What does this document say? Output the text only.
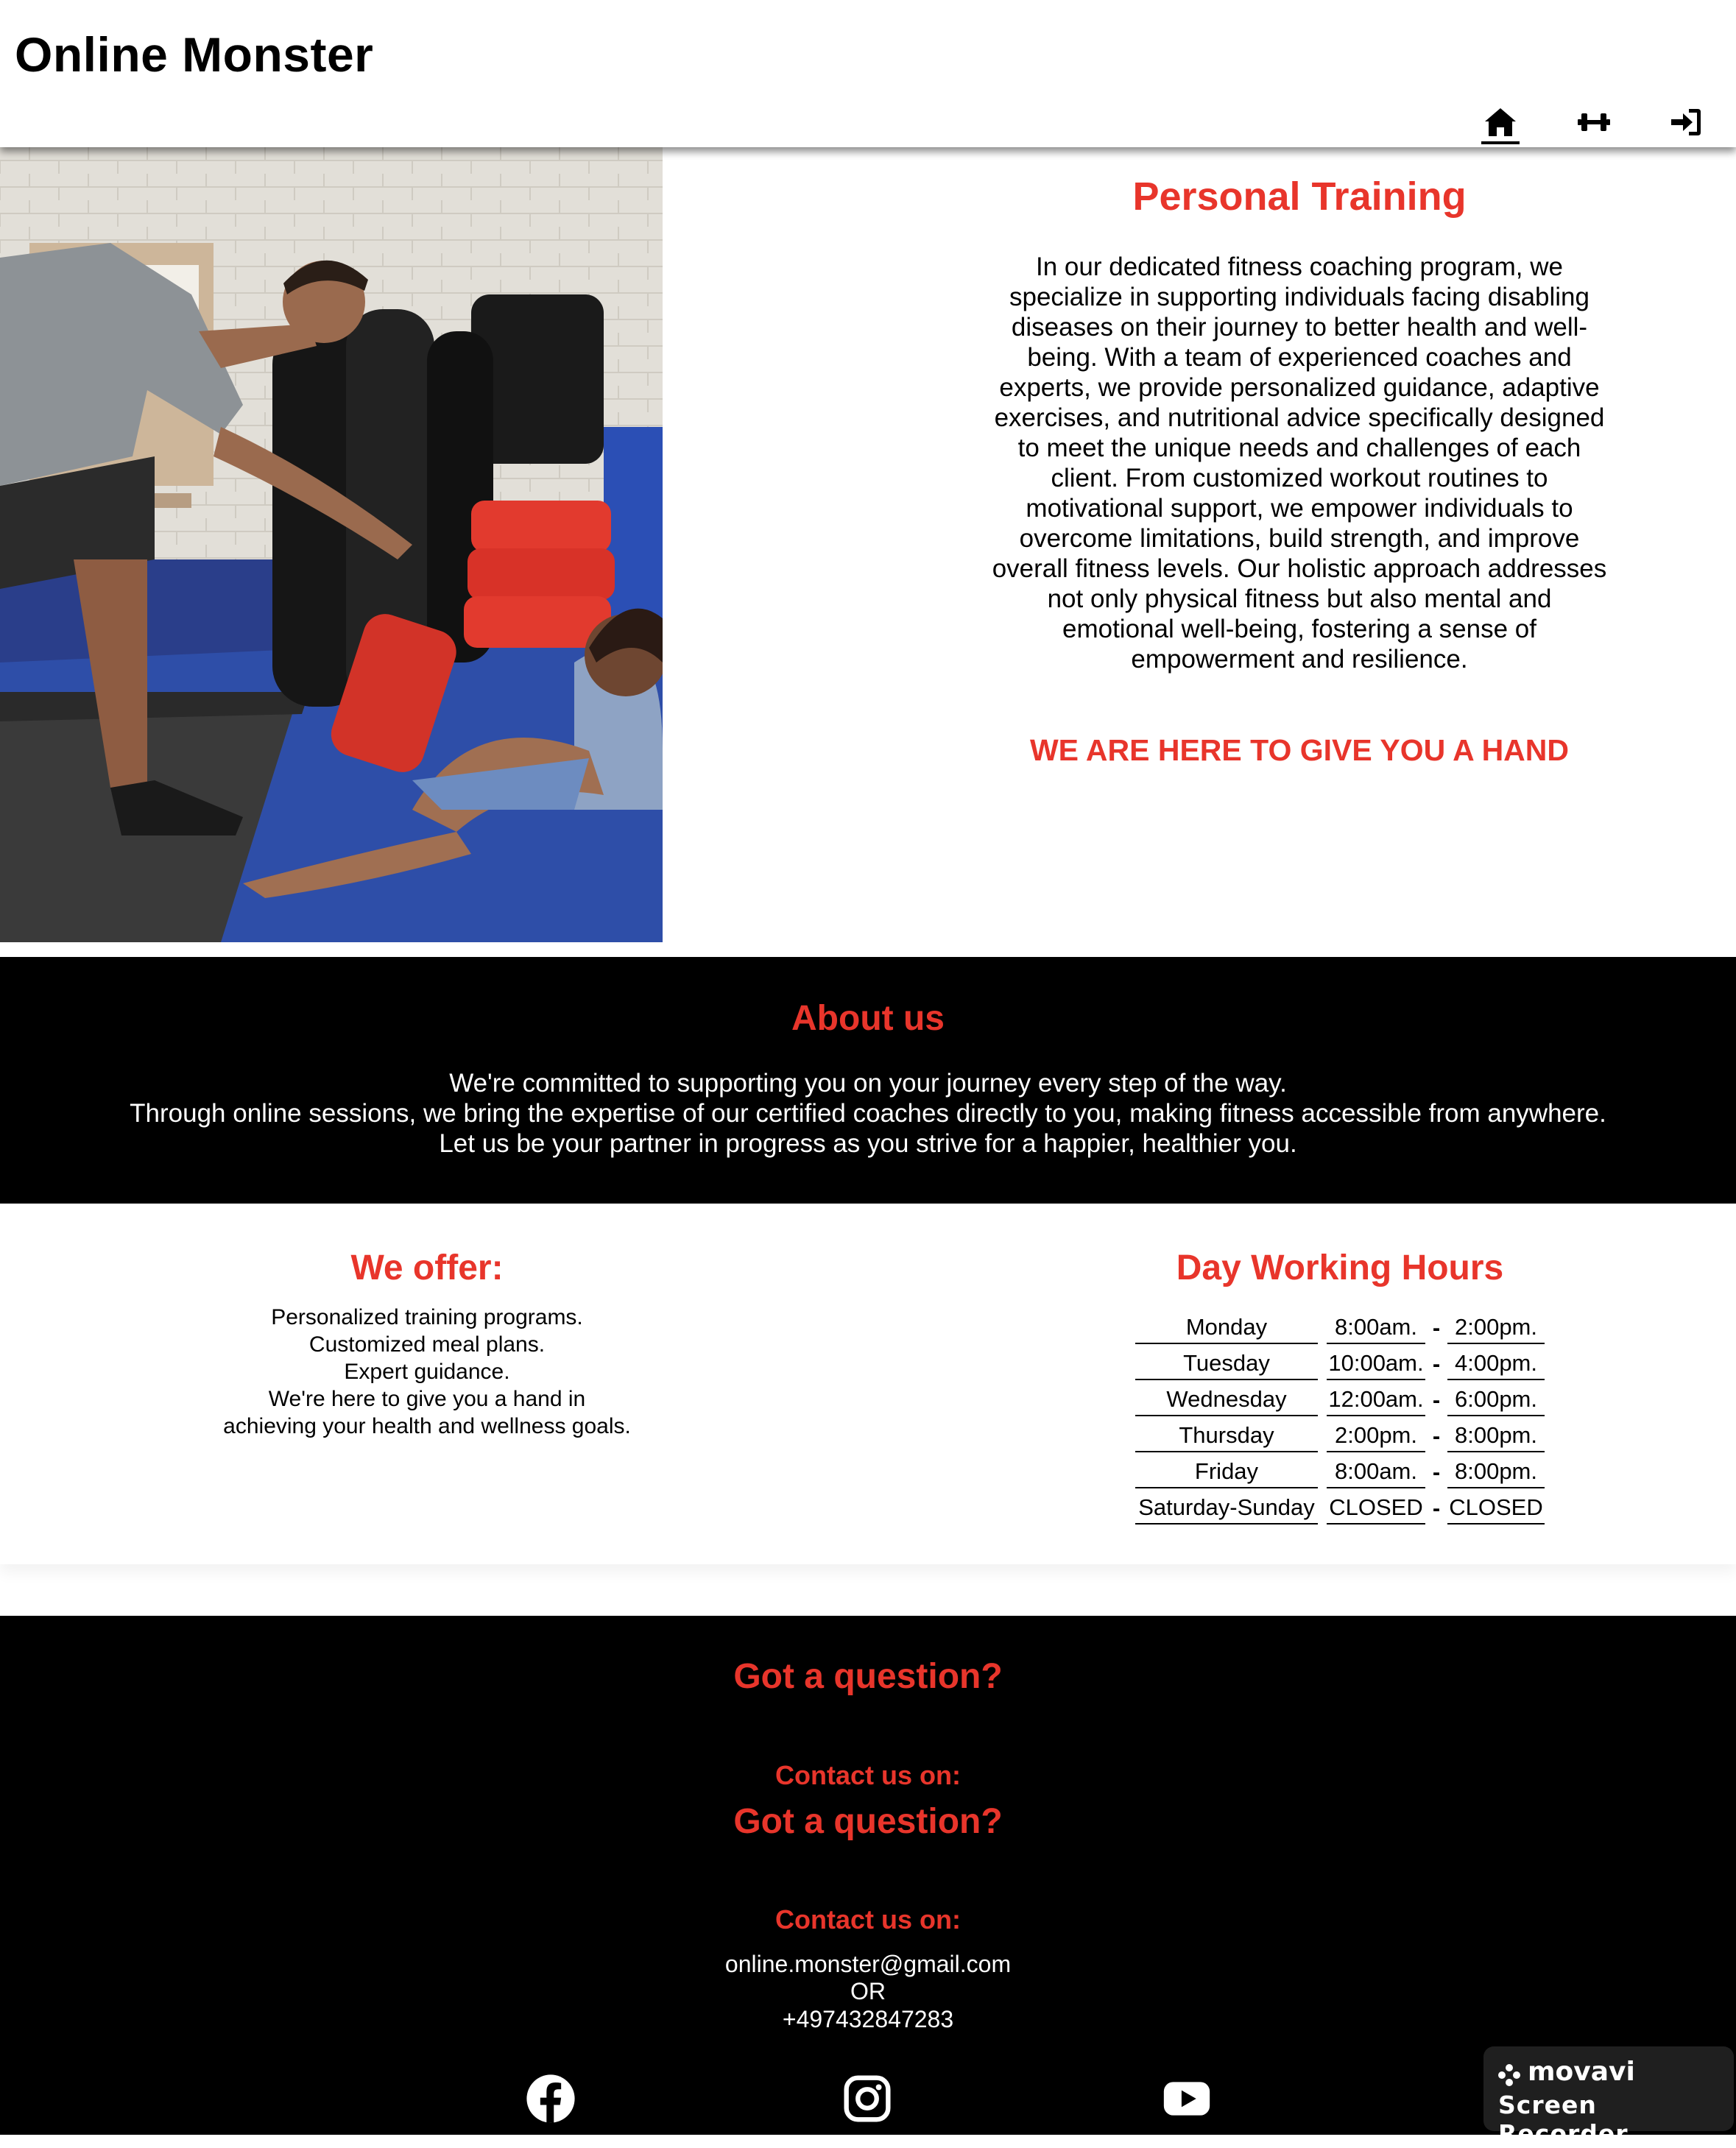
Online Monster
Personal Training

In our dedicated fitness coaching program, we specialize in supporting individuals facing disabling diseases on their journey to better health and well-being. With a team of experienced coaches and experts, we provide personalized guidance, adaptive exercises, and nutritional advice specifically designed to meet the unique needs and challenges of each client. From customized workout routines to motivational support, we empower individuals to overcome limitations, build strength, and improve overall fitness levels. Our holistic approach addresses not only physical fitness but also mental and emotional well-being, fostering a sense of empowerment and resilience.

WE ARE HERE TO GIVE YOU A HAND
About us

We're committed to supporting you on your journey every step of the way.

Through online sessions, we bring the expertise of our certified coaches directly to you, making fitness accessible from anywhere.

Let us be your partner in progress as you strive for a happier, healthier you.

We offer:
Personalized training programs.
Customized meal plans.
Expert guidance.
We're here to give you a hand in
achieving your health and wellness goals.
Day Working Hours
Monday		8:00am.	-	2:00pm.
Tuesday		10:00am.	-	4:00pm.
Wednesday		12:00am.	-	6:00pm.
Thursday		2:00pm.	-	8:00pm.
Friday		8:00am.	-	8:00pm.
Saturday-Sunday		CLOSED	-	CLOSED
Got a question?
Contact us on:
Got a question?
Contact us on:
online.monster@gmail.com
OR
+497432847283
movavi
Screen Recorder
